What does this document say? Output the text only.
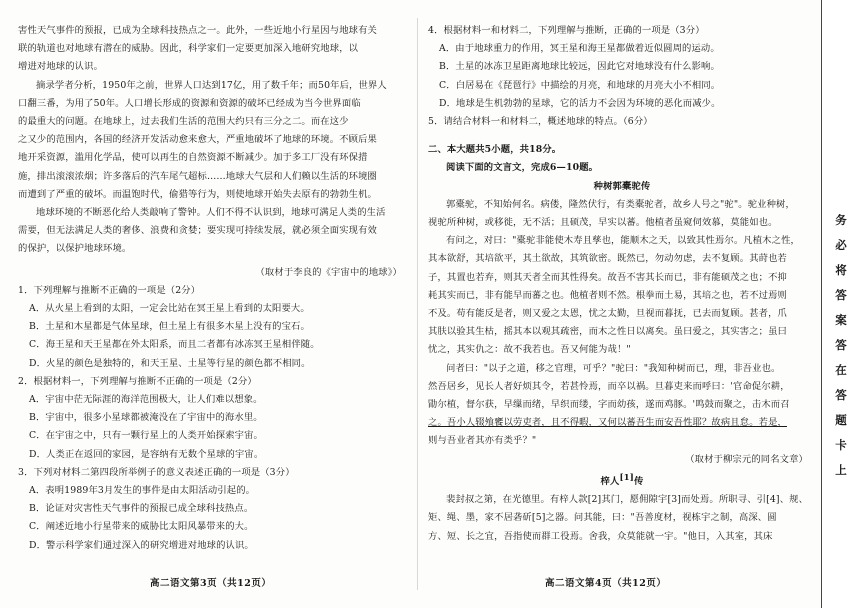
害性天气事件的预报，已成为全球科技热点之一。此外，一些近地小行星因与地球有关
联的轨道也对地球有潜在的威胁。因此，科学家们一定要更加深入地研究地球，以
增进对地球的认识。
摘录学者分析，1950年之前，世界人口达到17亿，用了数千年；而50年后，世界人
口翻三番，为用了50年。人口增长形成的资源和资源的破坏已经成为当今世界面临
的最重大的问题。在地球上，过去我们生活的范围大约只有三分之二。而在这少
之又少的范围内，各国的经济开发活动愈来愈大，严重地破坏了地球的环境。不顾后果
地开采资源，滥用化学品，使可以再生的自然资源不断减少。加于多工厂没有环保措
施，排出滚滚浓烟；许多落后的汽车尾气超标……地球大气层和人们赖以生活的环境圈
而遭到了严重的破坏。而温饱时代，偷猎等行为，则使地球开始失去原有的勃勃生机。
地球环境的不断恶化给人类敲响了警钟。人们不得不认识到，地球可满足人类的生活
需要，但无法满足人类的奢侈、浪费和贪婪；要实现可持续发展，就必须全面实现有效
的保护，以保护地球环境。
（取材于李良的《宇宙中的地球》）
1．下列理解与推断不正确的一项是（2分）
A．从火星上看到的太阳，一定会比站在冥王星上看到的太阳要大。
B．土星和木星都是气体星球，但土星上有很多木星上没有的宝石。
C．海王星和天王星都在外太阳系，而且二者都有冰冻冥王星相伴随。
D．火星的颜色是独特的，和天王星、土星等行星的颜色都不相同。
2．根据材料一，下列理解与推断不正确的一项是（2分）
A．宇宙中茫无际涯的海洋范围极大，让人们难以想象。
B．宇宙中，很多小星球都被淹没在了宇宙中的海水里。
C．在宇宙之中，只有一颗行星上的人类开始探索宇宙。
D．人类正在返回的家园，是容纳有无数个星球的宇宙。
3．下列对材料二第四段所举例子的意义表述正确的一项是（3分）
A．表明1989年3月发生的事件是由太阳活动引起的。
B．论证对灾害性天气事件的预报已成全球科技热点。
C．阐述近地小行星带来的威胁比太阳风暴带来的大。
D．警示科学家们通过深入的研究增进对地球的认识。
高二语文第3页（共12页）
4．根据材料一和材料二，下列理解与推断，正确的一项是（3分）
A．由于地球重力的作用，冥王星和海王星都做着近似圆周的运动。
B．土星的冰冻卫星距离地球比较远，因此它对地球没有什么影响。
C．白居易在《琵琶行》中描绘的月亮，和地球的月亮大小不相同。
D．地球是生机勃勃的星球，它的活力不会因为环境的恶化而减少。
5．请结合材料一和材料二，概述地球的特点。（6分）
二、本大题共5小题，共18分。
阅读下面的文言文，完成6—10题。
种树郭橐驼传
郭橐驼，不知始何名。病偻，隆然伏行，有类橐驼者，故乡人号之"驼"。驼业种树，
视驼所种树，或移徙，无不活；且硕茂，早实以蕃。他植者虽窥伺效慕，莫能如也。
有问之，对曰："橐驼非能使木寿且孳也，能顺木之天，以致其性焉尔。凡植木之性，
其本欲舒，其培欲平，其土欲故，其筑欲密。既然已，勿动勿虑，去不复顾。其莳也若
子，其置也若弃，则其天者全而其性得矣。故吾不害其长而已，非有能硕茂之也；不抑
耗其实而已，非有能早而蕃之也。他植者则不然。根拳而土易，其培之也，若不过焉则
不及。苟有能反是者，则又爱之太恩，忧之太勤，旦视而暮抚，已去而复顾。甚者，爪
其肤以验其生枯，摇其本以观其疏密，而木之性日以离矣。虽曰爱之，其实害之；虽曰
忧之，其实仇之：故不我若也。吾又何能为哉！"
问者曰："以子之道，移之官理，可乎？"驼曰："我知种树而已，理，非吾业也。
然吾居乡，见长人者好烦其令，若甚怜焉，而卒以祸。旦暮吏来而呼曰：'官命促尔耕，
勖尔植，督尔获，早缫而绪，早织而缕，字而幼孩，遂而鸡豚。'鸣鼓而聚之，击木而召
之。吾小人辍飧饔以劳吏者，且不得暇，又何以蕃吾生而安吾性耶？故病且怠。若是，
则与吾业者其亦有类乎？"
（取材于柳宗元的同名文章）
梓人[1]传
裴封叔之第，在光德里。有梓人款[2]其门，愿佣隙宇[3]而处焉。所职寻、引[4]、规、
矩、绳、墨，家不居砻斫[5]之器。问其能，曰："吾善度材，视栋宇之制，高深、圆
方、短、长之宜，吾指使而群工役焉。舍我，众莫能就一宇。"他日，入其室，其床
高二语文第4页（共12页）
务
必
将
答
案
答
在
答
题
卡
上
